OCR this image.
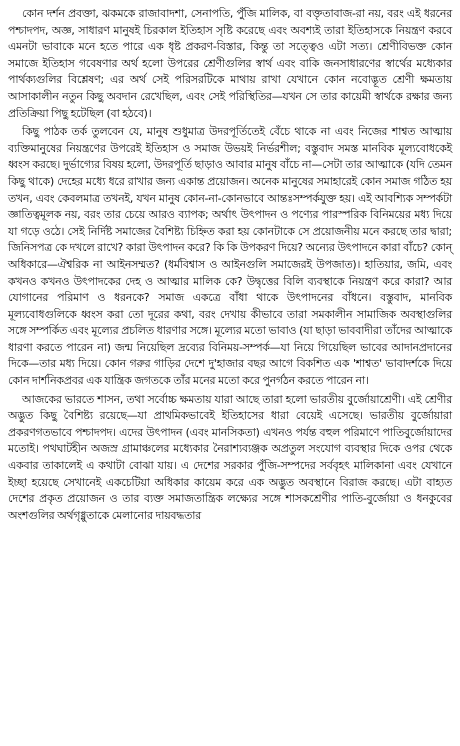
কোন দর্শন প্রবক্তা, ঝকমকে রাজাবাদশা, সেনাপতি, পুঁজি মালিক, বা বক্তৃতাবাজ-রা নয়, বরং এই ধরনের পশ্চাদপদ, অজ্ঞ, সাধারণ মানুষই চিরকাল ইতিহাস সৃষ্টি করেছে এবং অবশ্যই তারা ইতিহাসকে নিয়ন্ত্রণ করবে এমনটা ভাবাকে মনে হতে পারে এক ধৃষ্ট প্রকরণ-বিস্তার, কিন্তু তা সত্ত্বেও এটা সত্য। শ্রেণীবিভক্ত কোন সমাজে ইতিহাস গবেষণার অর্থ হলো উপরের শ্রেণীগুলির স্বার্থ এবং বাকি জনসাধারণের স্বার্থের মধ্যেকার পার্থক্যগুলির বিশ্লেষণ; এর অর্থ সেই পরিসরটিকে মাথায় রাখা যেখানে কোন নবোদ্ভূত শ্রেণী ক্ষমতায় আসাকালীন নতুন কিছু অবদান রেখেছিল, এবং সেই পরিস্থিতির—যখন সে তার কায়েমী স্বার্থকে রক্ষার জন্য প্রতিক্রিয়া পিছু হটেছিল (বা হঠবে)।

কিছু পাঠক তর্ক তুলবেন যে, মানুষ শুধুমাত্র উদরপূর্তিতেই বেঁচে থাকে না এবং নিজের শাশ্বত আত্মায় ব্যক্তিমানুষের নিয়ন্ত্রণের উপরেই ইতিহাস ও সমাজ উভয়ই নির্ভরশীল; বস্তুবাদ সমস্ত মানবিক মূল্যবোধকেই ধ্বংস করছে। দুর্ভাগ্যের বিষয় হলো, উদরপূর্তি ছাড়াও আবার মানুষ বাঁচে না—সেটা তার আত্মাকে (যদি তেমন কিছু থাকে) দেহের মধ্যে ধরে রাখার জন্য একান্ত প্রয়োজন। অনেক মানুষের সমাহারেই কোন সমাজ গঠিত হয় তখন, এবং কেবলমাত্র তখনই, যখন মানুষ কোন-না-কোনভাবে আন্তঃসম্পর্কযুক্ত হয়। এই আবশ্যিক সম্পর্কটা জ্ঞাতিত্বমূলক নয়, বরং তার চেয়ে আরও ব্যাপক; অর্থাৎ উৎপাদন ও পণ্যের পারস্পরিক বিনিময়ের মধ্য দিয়ে যা গড়ে ওঠে। সেই নির্দিষ্ট সমাজের বৈশিষ্ট্য চিহ্নিত করা হয় কোনটাকে সে প্রয়োজনীয় মনে করছে তার দ্বারা; জিনিসপত্র কে দখলে রাখে? কারা উৎপাদন করে? কি কি উপকরণ দিয়ে? অন্যের উৎপাদনে কারা বাঁচে? কোন্ অধিকারে—ঐশ্বরিক না আইনসম্মত? (ধর্মবিশ্বাস ও আইনগুলি সমাজেরই উপজাত)। হাতিয়ার, জমি, এবং কখনও কখনও উৎপাদকের দেহ ও আত্মার মালিক কে? উদ্বৃত্তের বিলি ব্যবস্থাকে নিয়ন্ত্রণ করে কারা? আর যোগানের পরিমাণ ও ধরনকে? সমাজ একত্রে বাঁধা থাকে উৎপাদনের বাঁধনে। বস্তুবাদ, মানবিক মূল্যবোধগুলিকে ধ্বংস করা তো দূরের কথা, বরং দেখায় কীভাবে তারা সমকালীন সামাজিক অবস্থাগুলির সঙ্গে সম্পর্কিত এবং মূল্যের প্রচলিত ধারণার সঙ্গে। মূল্যের মতো ভাবাও (যা ছাড়া ভাববাদীরা তাঁদের আত্মাকে ধারণা করতে পারেন না) জন্ম নিয়েছিল দ্রব্যের বিনিময়-সম্পর্ক—যা নিয়ে গিয়েছিল ভাবের আদানপ্রদানের দিকে—তার মধ্য দিয়ে। কোন গরুর গাড়ির দেশে দু'হাজার বছর আগে বিকশিত এক 'শাশ্বত' ভাবাদর্শকে দিয়ে কোন দার্শনিকপ্রবর এক যান্ত্রিক জগতকে তাঁর মনের মতো করে পুনর্গঠন করতে পারেন না।

আজকের ভারতে শাসন, তথা সর্বোচ্চ ক্ষমতায় যারা আছে তারা হলো ভারতীয় বুর্জোয়াশ্রেণী। এই শ্রেণীর অদ্ভুত কিছু বৈশিষ্ট্য রয়েছে—যা প্রাথমিকভাবেই ইতিহাসের ধারা বেয়েই এসেছে। ভারতীয় বুর্জোয়ারা প্রকরণগতভাবে পশ্চাদপদ। এদের উৎপাদন (এবং মানসিকতা) এখনও পর্যন্ত বহুল পরিমাণে পাতিবুর্জোয়াদের মতোই। পথঘাটহীন অজস্র গ্রামাঞ্চলের মধ্যেকার নৈরাশ্যব্যঞ্জক অপ্রতুল সংযোগ ব্যবস্থার দিকে ওপর থেকে একবার তাকালেই এ কথাটা বোঝা যায়। এ দেশের সরকার পুঁজি-সম্পদের সর্ববৃহৎ মালিকানা এবং যেখানে ইচ্ছা হয়েছে সেখানেই একচেটিয়া অধিকার কায়েম করে এক অদ্ভুত অবস্থানে বিরাজ করছে। এটা বাহ্যত দেশের প্রকৃত প্রয়োজন ও তার ব্যক্ত সমাজতান্ত্রিক লক্ষ্যের সঙ্গে শাসকশ্রেণীর পাতি-বুর্জোয়া ও ধনকুবের অংশগুলির অর্থগৃধ্নুতাকে মেলানোর দায়বদ্ধতার
